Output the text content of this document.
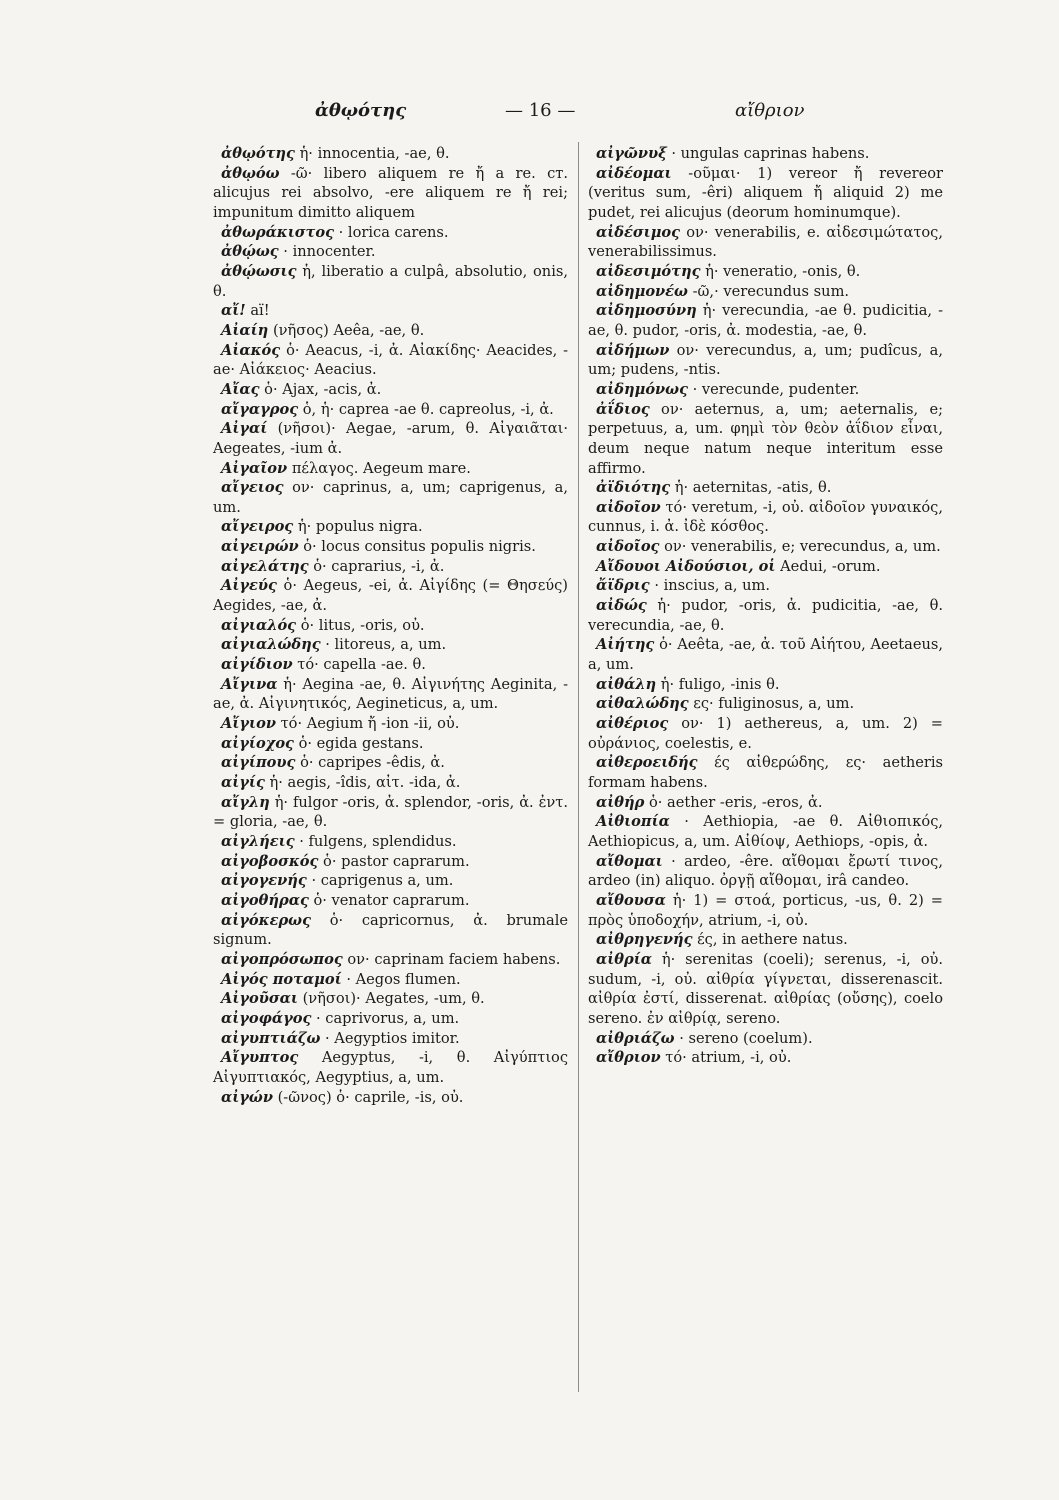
ἀθῳότης	— 16 —	αἴθριον

ἀθῳότης ἡ· innocentia, -ae, θ.

ἀθῳόω -ῶ· libero aliquem re ἤ a re. ст. alicujus rei absolvo, -ere aliquem re ἤ rei; impunitum dimitto aliquem

ἀθωράκιστος · lorica carens.

ἀθῴως · innocenter.

ἀθῴωσις ἡ, liberatio a culpâ, absolutio, onis, θ.

αἴ! aï!

Αἰαίη (νῆσος) Aeêa, -ae, θ.

Αἰακός ὁ· Aeacus, -i, ἀ. Αἰακίδης· Aeacides, -ae· Αἰάκειος· Aeacius.

Αἴας ὁ· Ajax, -acis, ἀ.

αἴγαγρος ὁ, ἡ· caprea -ae θ. capreolus, -i, ἀ.

Αἰγαί (νῆσοι)· Aegae, -arum, θ. Αἰγαιᾶται· Aegeates, -ium ἀ.

Αἰγαῖον πέλαγος. Aegeum mare.

αἴγειος ον· caprinus, a, um; caprigenus, a, um.

αἴγειρος ἡ· populus nigra.

αἰγειρών ὁ· locus consitus populis nigris.

αἰγελάτης ὁ· caprarius, -i, ἀ.

Αἰγεύς ὁ· Aegeus, -ei, ἀ. Αἰγίδης (= Θησεύς) Aegides, -ae, ἀ.

αἰγιαλός ὁ· litus, -oris, οὐ.

αἰγιαλώδης · litoreus, a, um.

αἰγίδιον τό· capella -ae. θ.

Αἴγινα ἡ· Aegina -ae, θ. Αἰγινήτης Aeginita, -ae, ἀ. Αἰγινητικός, Aegineticus, a, um.

Αἴγιον τό· Aegium ἤ -ion -ii, οὐ.

αἰγίοχος ὁ· egida gestans.

αἰγίπους ὁ· capripes -êdis, ἀ.

αἰγίς ἡ· aegis, -îdis, αἰτ. -ida, ἀ.

αἴγλη ἡ· fulgor -oris, ἀ. splendor, -oris, ἀ. ἐντ. = gloria, -ae, θ.

αἰγλήεις · fulgens, splendidus.

αἰγοβοσκός ὁ· pastor caprarum.

αἰγογενής · caprigenus a, um.

αἰγοθήρας ὁ· venator caprarum.

αἰγόκερως ὁ· capricornus, ἀ. brumale signum.

αἰγοπρόσωπος ον· caprinam faciem habens.

Αἰγός ποταμοί · Aegos flumen.

Αἰγοῦσαι (νῆσοι)· Aegates, -um, θ.

αἰγοφάγος · caprivorus, a, um.

αἰγυπτιάζω · Aegyptios imitor.

Αἴγυπτος Aegyptus, -i, θ. Αἰγύπτιος Αἰγυπτιακός, Aegyptius, a, um.

αἰγών (-ῶνος) ὁ· caprile, -is, οὐ.

αἰγῶνυξ · ungulas caprinas habens.

αἰδέομαι -οῦμαι· 1) vereor ἤ revereor (veritus sum, -êri) aliquem ἤ aliquid 2) me pudet, rei alicujus (deorum hominumque).

αἰδέσιμος ον· venerabilis, e. αἰδεσιμώτατος, venerabilissimus.

αἰδεσιμότης ἡ· veneratio, -onis, θ.

αἰδημονέω -ῶ,· verecundus sum.

αἰδημοσύνη ἡ· verecundia, -ae θ. pudicitia, -ae, θ. pudor, -oris, ἀ. modestia, -ae, θ.

αἰδήμων ον· verecundus, a, um; pudîcus, a, um; pudens, -ntis.

αἰδημόνως · verecunde, pudenter.

ἀΐδιος ον· aeternus, a, um; aeternalis, e; perpetuus, a, um. φημὶ τὸν θεὸν ἀΐδιον εἶναι, deum neque natum neque interitum esse affirmo.

ἀϊδιότης ἡ· aeternitas, -atis, θ.

αἰδοῖον τό· veretum, -i, οὐ. αἰδοῖον γυναικός, cunnus, i. ἀ. ἰδὲ κόσθος.

αἰδοῖος ον· venerabilis, e; verecundus, a, um.

Αἴδουοι Αἰδούσιοι, οἱ Aedui, -orum.

ἄϊδρις · inscius, a, um.

αἰδώς ἡ· pudor, -oris, ἀ. pudicitia, -ae, θ. verecundia, -ae, θ.

Αἰήτης ὁ· Aeêta, -ae, ἀ. τοῦ Αἰήτου, Aeetaeus, a, um.

αἰθάλη ἡ· fuligo, -inis θ.

αἰθαλώδης ες· fuliginosus, a, um.

αἰθέριος ον· 1) aethereus, a, um. 2) = οὐράνιος, coelestis, e.

αἰθεροειδής ές αἰθερώδης, ες· aetheris formam habens.

αἰθήρ ὁ· aether -eris, -eros, ἀ.

Αἰθιοπία · Aethiopia, -ae θ. Αἰθιοπικός, Aethiopicus, a, um. Αἰθίοψ, Aethiops, -opis, ἀ.

αἴθομαι · ardeo, -êre. αἴθομαι ἔρωτί τινος, ardeo (in) aliquo. ὀργῇ αἴθομαι, irâ candeo.

αἴθουσα ἡ· 1) = στοά, porticus, -us, θ. 2) = πρὸς ὑποδοχήν, atrium, -i, οὐ.

αἰθρηγενής ές, in aethere natus.

αἰθρία ἡ· serenitas (coeli); serenus, -i, οὐ. sudum, -i, οὐ. αἰθρία γίγνεται, disserenascit. αἰθρία ἐστί, disserenat. αἰθρίας (οὔσης), coelo sereno. ἐν αἰθρίᾳ, sereno.

αἰθριάζω · sereno (coelum).

αἴθριον τό· atrium, -i, οὐ.
